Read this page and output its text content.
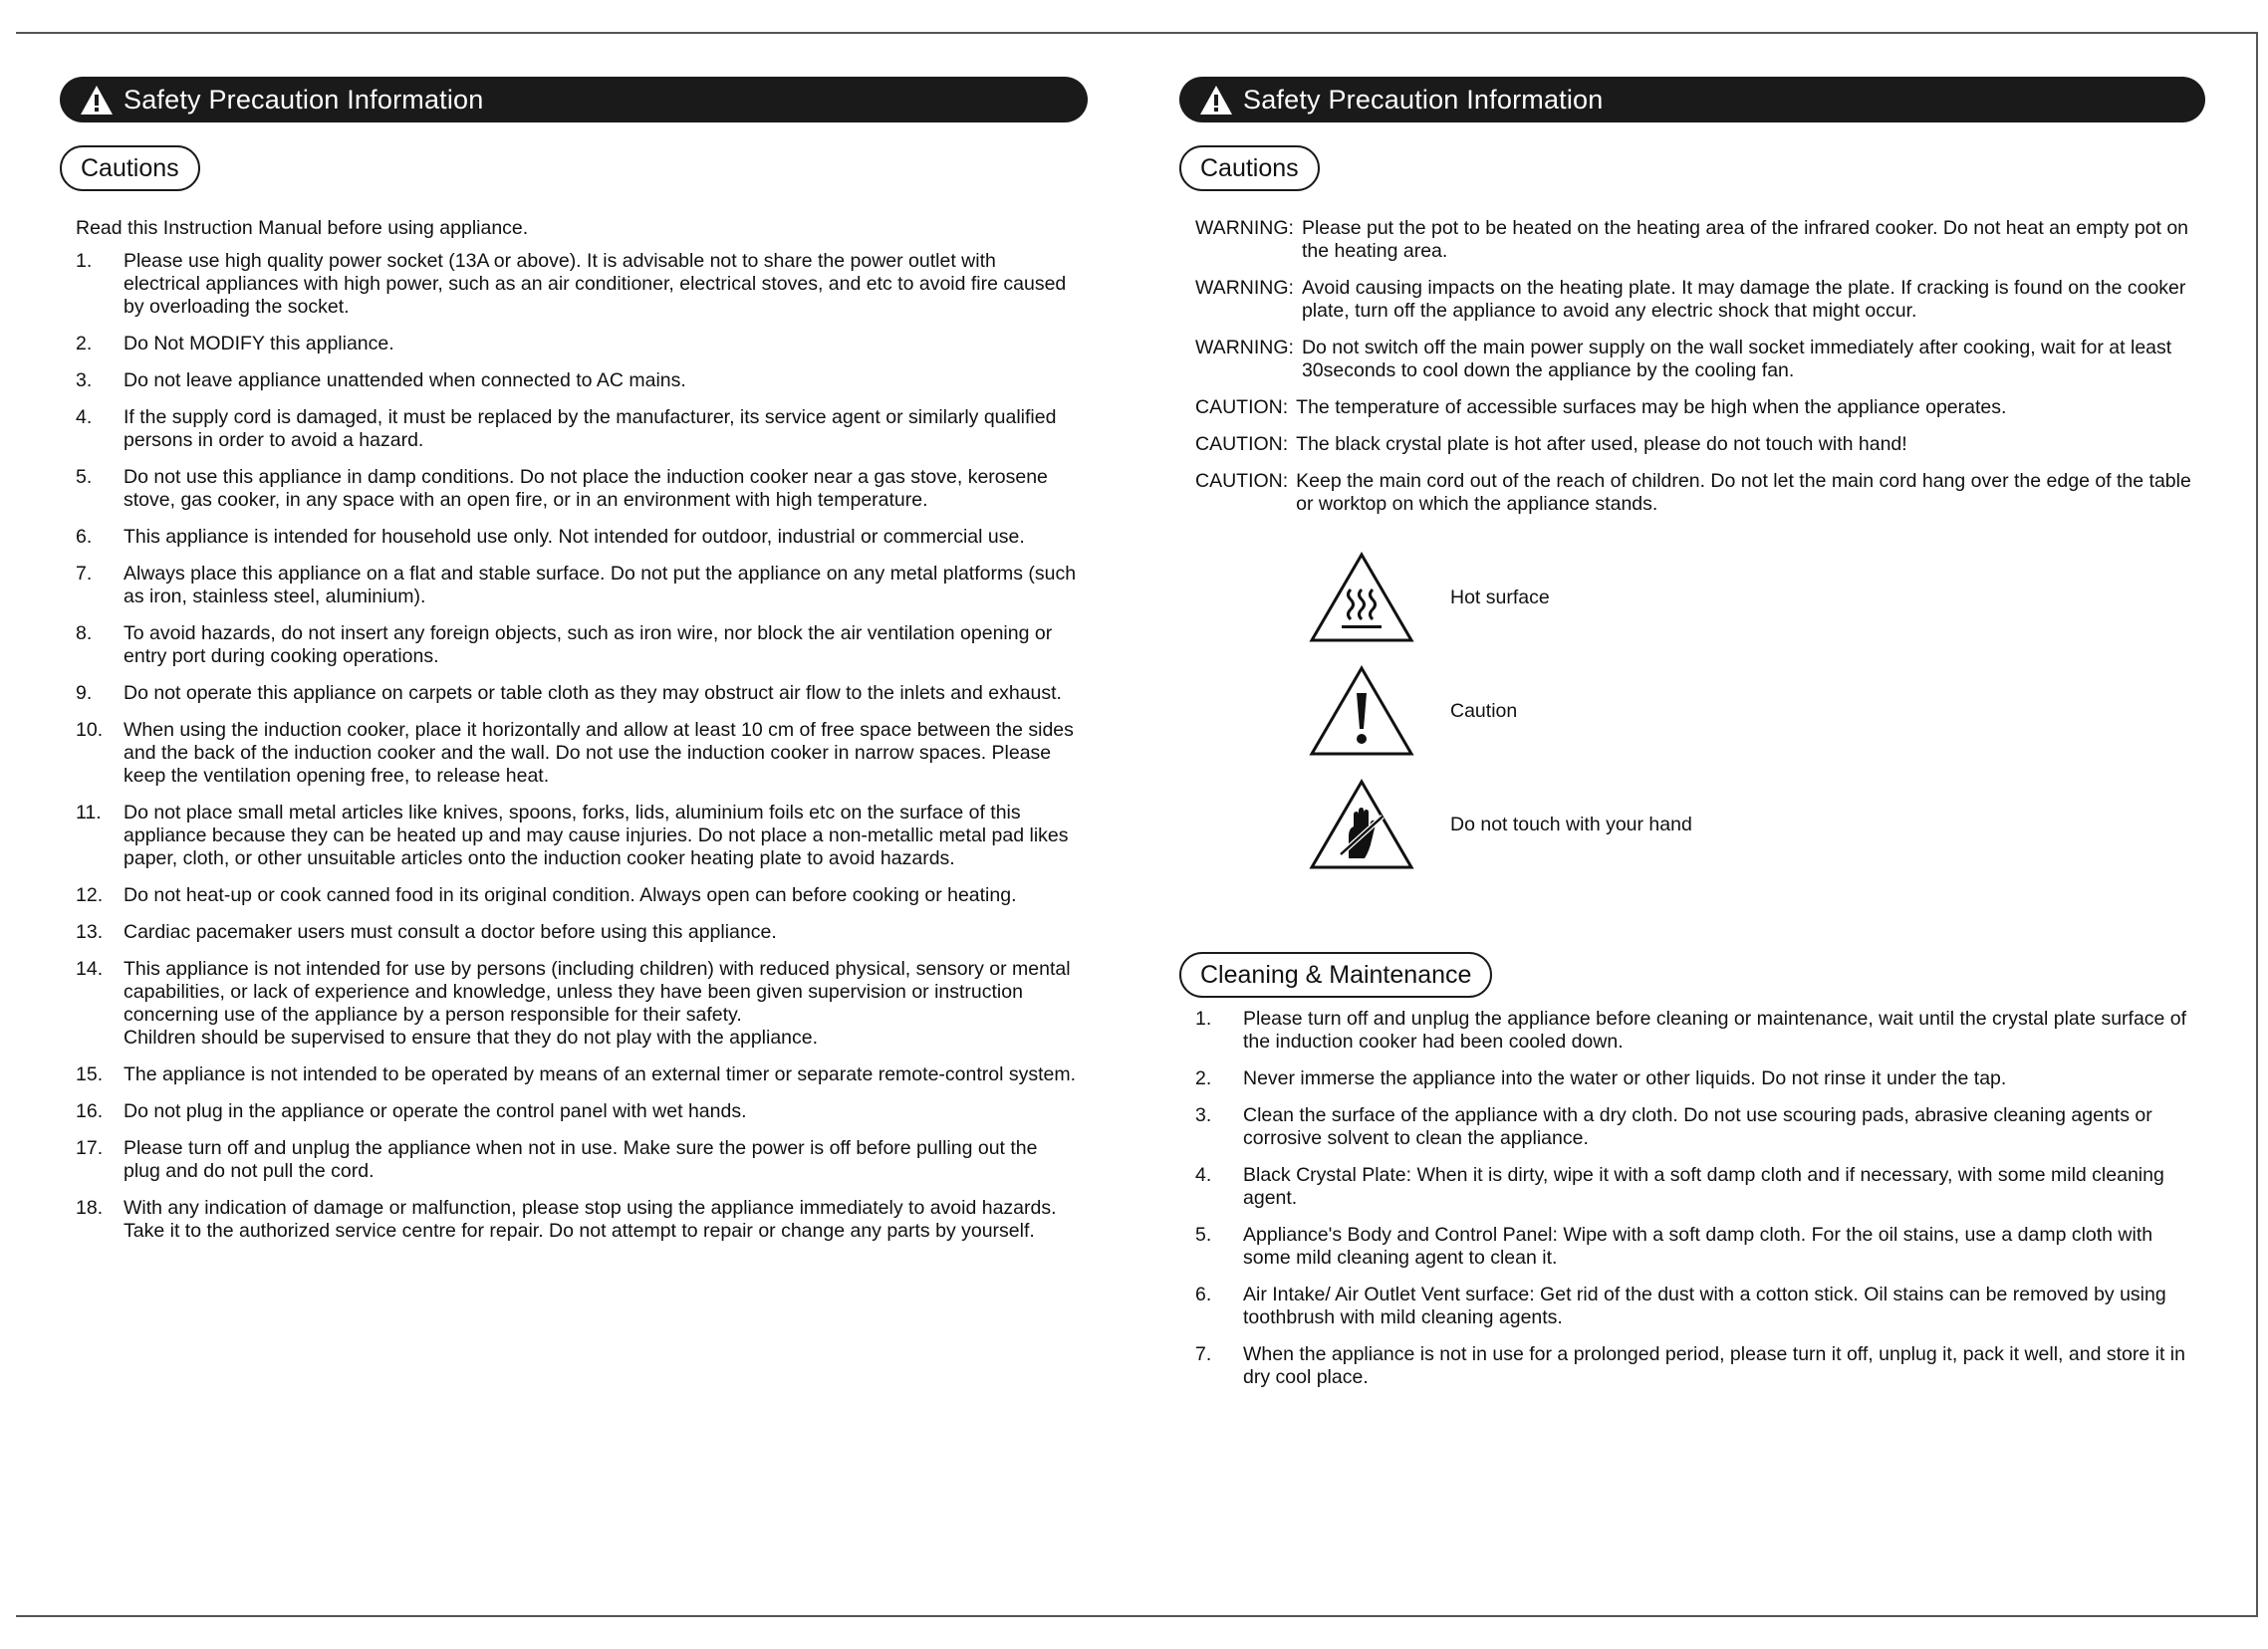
Safety Precaution Information
Cautions
Read this Instruction Manual before using appliance.
1. Please use high quality power socket (13A or above). It is advisable not to share the power outlet with electrical appliances with high power, such as an air conditioner, electrical stoves, and etc to avoid fire caused by overloading the socket.
2. Do Not MODIFY this appliance.
3. Do not leave appliance unattended when connected to AC mains.
4. If the supply cord is damaged, it must be replaced by the manufacturer, its service agent or similarly qualified persons in order to avoid a hazard.
5. Do not use this appliance in damp conditions. Do not place the induction cooker near a gas stove, kerosene stove, gas cooker, in any space with an open fire, or in an environment with high temperature.
6. This appliance is intended for household use only. Not intended for outdoor, industrial or commercial use.
7. Always place this appliance on a flat and stable surface. Do not put the appliance on any metal platforms (such as iron, stainless steel, aluminium).
8. To avoid hazards, do not insert any foreign objects, such as iron wire, nor block the air ventilation opening or entry port during cooking operations.
9. Do not operate this appliance on carpets or table cloth as they may obstruct air flow to the inlets and exhaust.
10. When using the induction cooker, place it horizontally and allow at least 10 cm of free space between the sides and the back of the induction cooker and the wall. Do not use the induction cooker in narrow spaces. Please keep the ventilation opening free, to release heat.
11. Do not place small metal articles like knives, spoons, forks, lids, aluminium foils etc on the surface of this appliance because they can be heated up and may cause injuries. Do not place a non-metallic metal pad likes paper, cloth, or other unsuitable articles onto the induction cooker heating plate to avoid hazards.
12. Do not heat-up or cook canned food in its original condition. Always open can before cooking or heating.
13. Cardiac pacemaker users must consult a doctor before using this appliance.
14. This appliance is not intended for use by persons (including children) with reduced physical, sensory or mental capabilities, or lack of experience and knowledge, unless they have been given supervision or instruction concerning use of the appliance by a person responsible for their safety.
Children should be supervised to ensure that they do not play with the appliance.
15. The appliance is not intended to be operated by means of an external timer or separate remote-control system.
16. Do not plug in the appliance or operate the control panel with wet hands.
17. Please turn off and unplug the appliance when not in use. Make sure the power is off before pulling out the plug and do not pull the cord.
18. With any indication of damage or malfunction, please stop using the appliance immediately to avoid hazards. Take it to the authorized service centre for repair. Do not attempt to repair or change any parts by yourself.
Safety Precaution Information
Cautions
WARNING: Please put the pot to be heated on the heating area of the infrared cooker. Do not heat an empty pot on the heating area.
WARNING: Avoid causing impacts on the heating plate. It may damage the plate. If cracking is found on the cooker plate, turn off the appliance to avoid any electric shock that might occur.
WARNING: Do not switch off the main power supply on the wall socket immediately after cooking, wait for at least 30seconds to cool down the appliance by the cooling fan.
CAUTION: The temperature of accessible surfaces may be high when the appliance operates.
CAUTION: The black crystal plate is hot after used, please do not touch with hand!
CAUTION: Keep the main cord out of the reach of children. Do not let the main cord hang over the edge of the table or worktop on which the appliance stands.
Hot surface
Caution
Do not touch with your hand
Cleaning & Maintenance
1. Please turn off and unplug the appliance before cleaning or maintenance, wait until the crystal plate surface of the induction cooker had been cooled down.
2. Never immerse the appliance into the water or other liquids. Do not rinse it under the tap.
3. Clean the surface of the appliance with a dry cloth. Do not use scouring pads, abrasive cleaning agents or corrosive solvent to clean the appliance.
4. Black Crystal Plate: When it is dirty, wipe it with a soft damp cloth and if necessary, with some mild cleaning agent.
5. Appliance's Body and Control Panel: Wipe with a soft damp cloth. For the oil stains, use a damp cloth with some mild cleaning agent to clean it.
6. Air Intake/ Air Outlet Vent surface: Get rid of the dust with a cotton stick. Oil stains can be removed by using toothbrush with mild cleaning agents.
7. When the appliance is not in use for a prolonged period, please turn it off, unplug it, pack it well, and store it in dry cool place.
